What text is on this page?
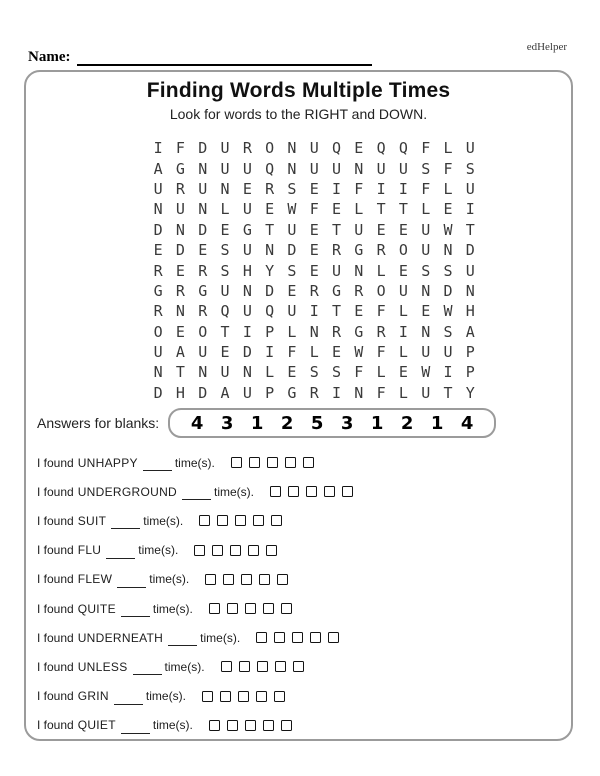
edHelper
Name:
Finding Words Multiple Times
Look for words to the RIGHT and DOWN.
I F D U R O N U Q E Q Q F L U
A G N U U Q N U U N U U S F S
U R U N E R S E I F I I F L U
N U N L U E W F E L T T L E I
D N D E G T U E T U E E U W T
E D E S U N D E R G R O U N D
R E R S H Y S E U N L E S S U
G R G U N D E R G R O U N D N
R N R Q U Q U I T E F L E W H
O E O T I P L N R G R I N S A
U A U E D I F L E W F L U U P
N T N U N L E S S F L E W I P
D H D A U P G R I N F L U T Y
Answers for blanks: 4 3 1 2 5 3 1 2 1 4
I found UNHAPPY	time(s).
I found UNDERGROUND	time(s).
I found SUIT	time(s).
I found FLU	time(s).
I found FLEW	time(s).
I found QUITE	time(s).
I found UNDERNEATH	time(s).
I found UNLESS	time(s).
I found GRIN	time(s).
I found QUIET	time(s).
